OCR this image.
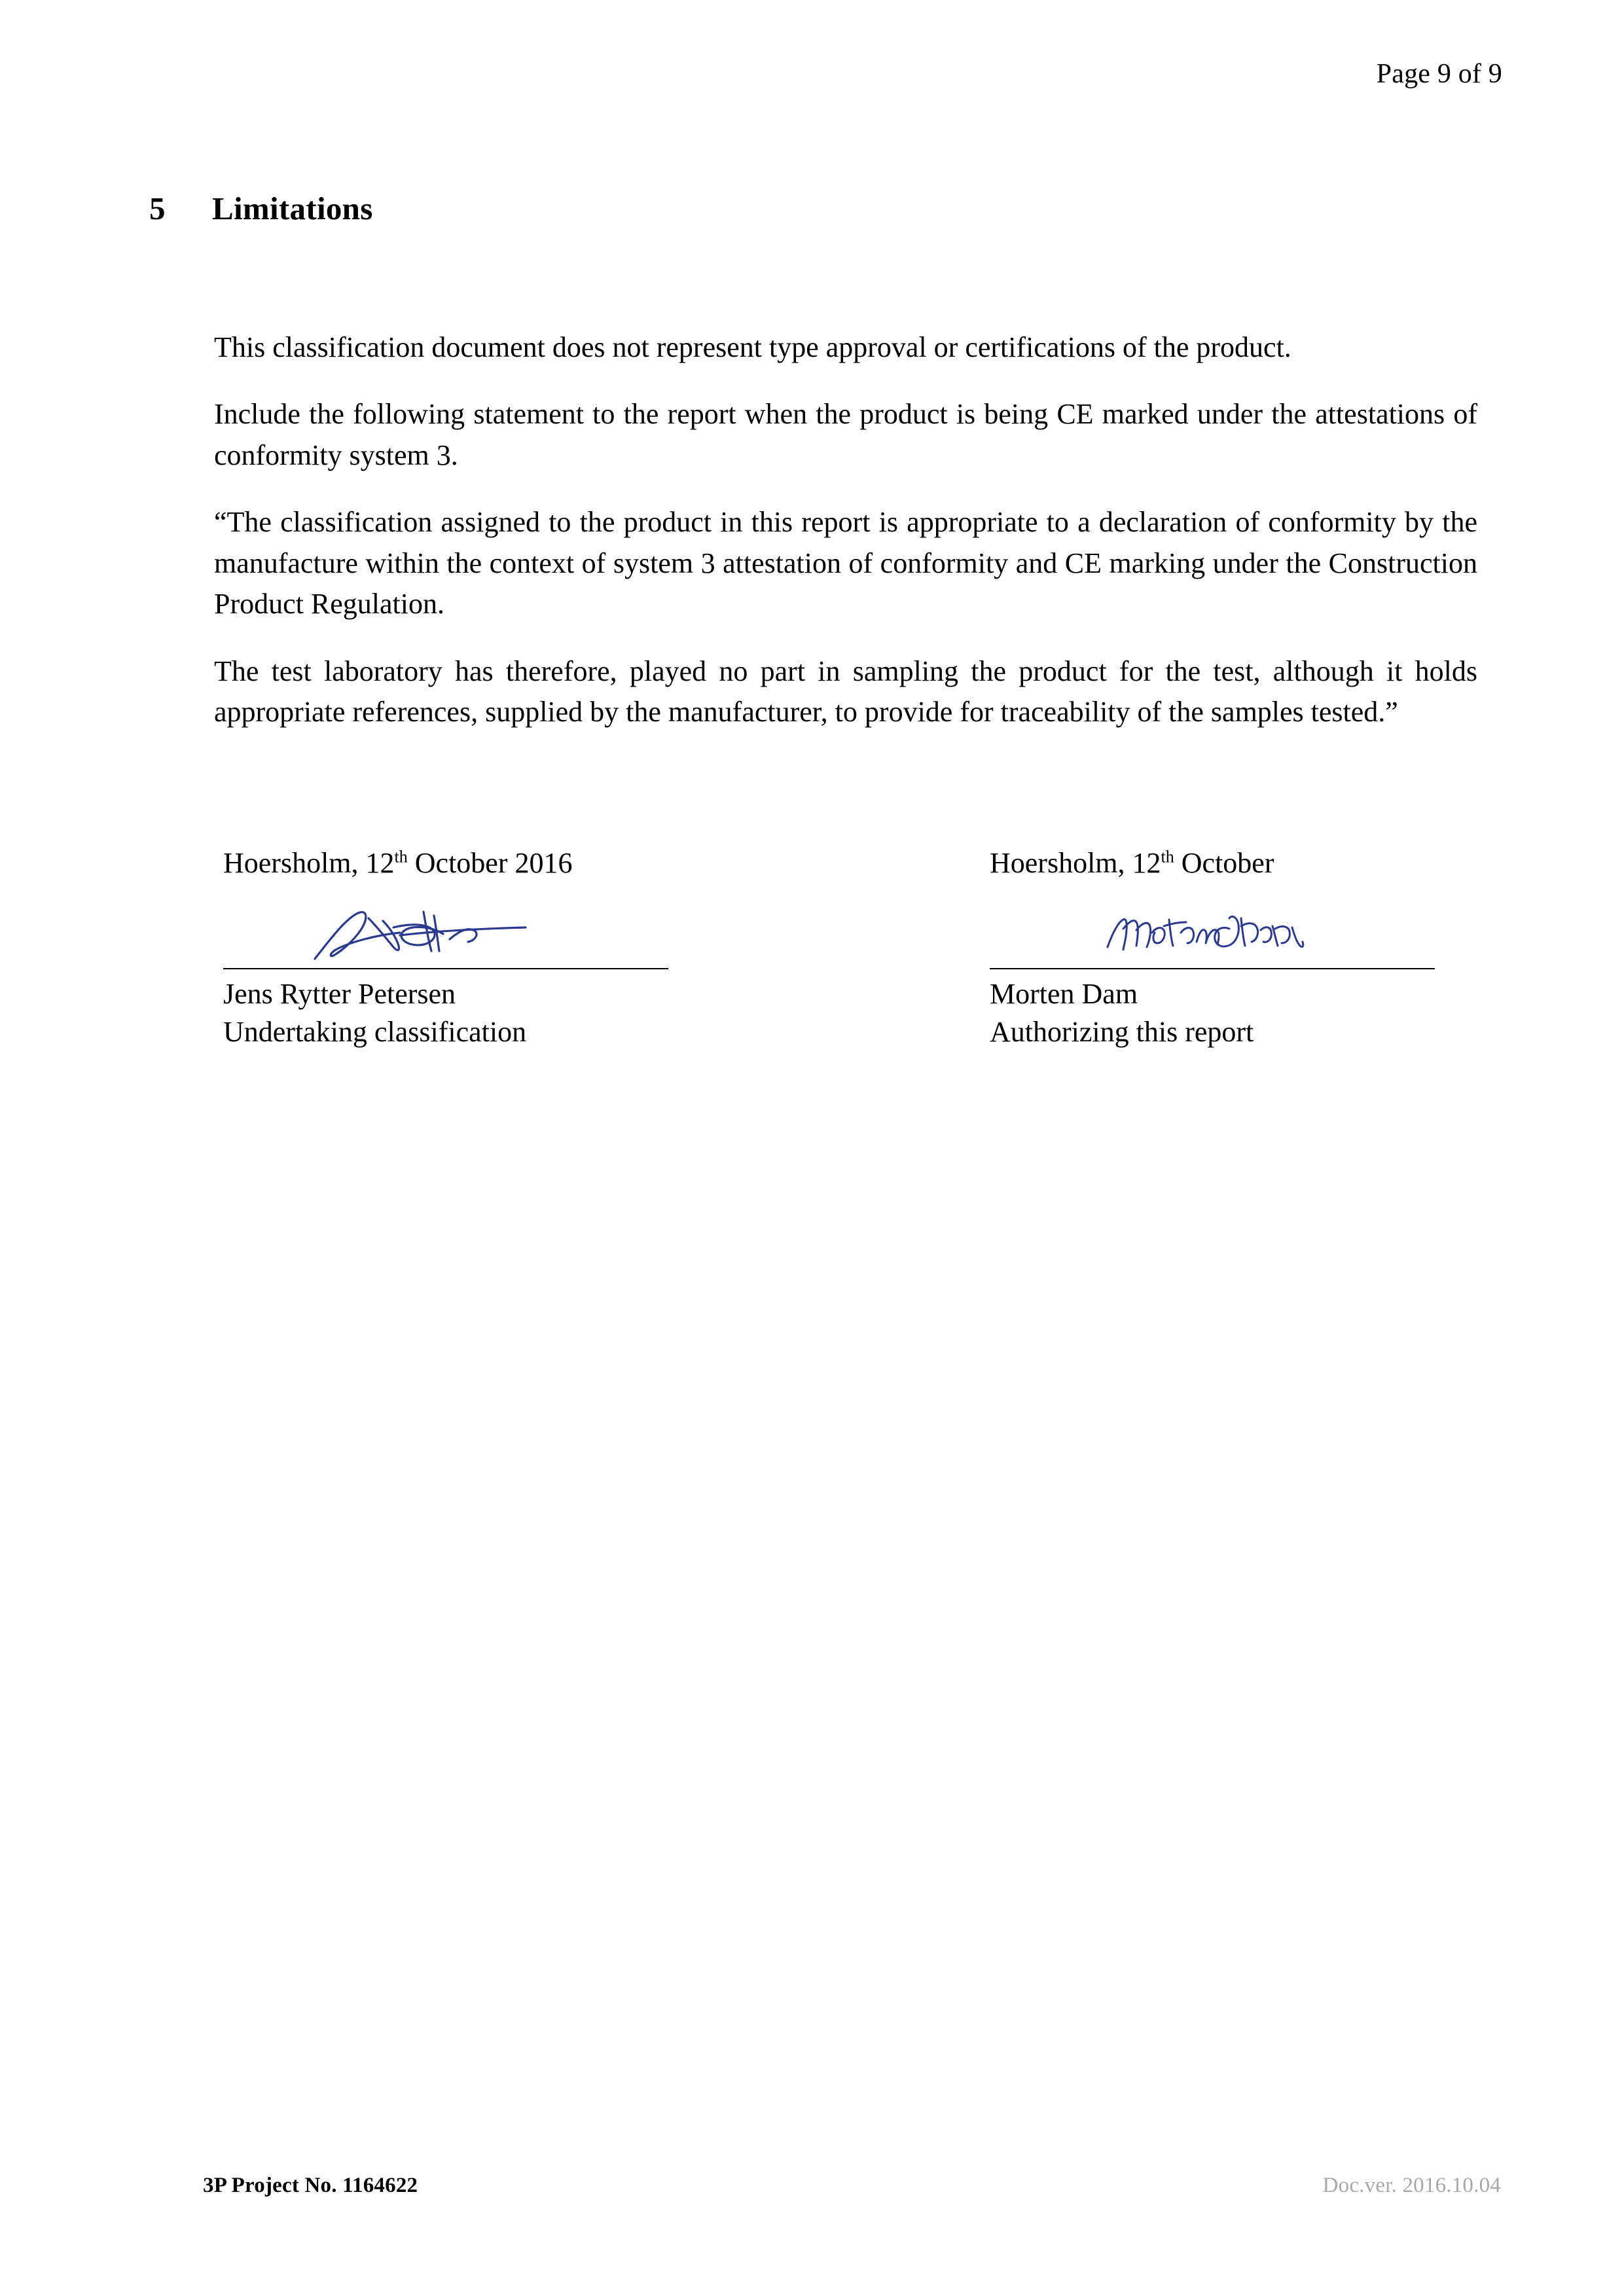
Page 9 of 9
5 Limitations

This classification document does not represent type approval or certifications of the product.

Include the following statement to the report when the product is being CE marked under the attestations of conformity system 3.

“The classification assigned to the product in this report is appropriate to a declaration of conformity by the manufacture within the context of system 3 attestation of conformity and CE marking under the Construction Product Regulation.

The test laboratory has therefore, played no part in sampling the product for the test, although it holds appropriate references, supplied by the manufacturer, to provide for traceability of the samples tested.”

Hoersholm, 12th October 2016
Jens Rytter Petersen
Undertaking classification
Hoersholm, 12th October
Morten Dam
Authorizing this report
3P Project No. 1164622	Doc.ver. 2016.10.04
